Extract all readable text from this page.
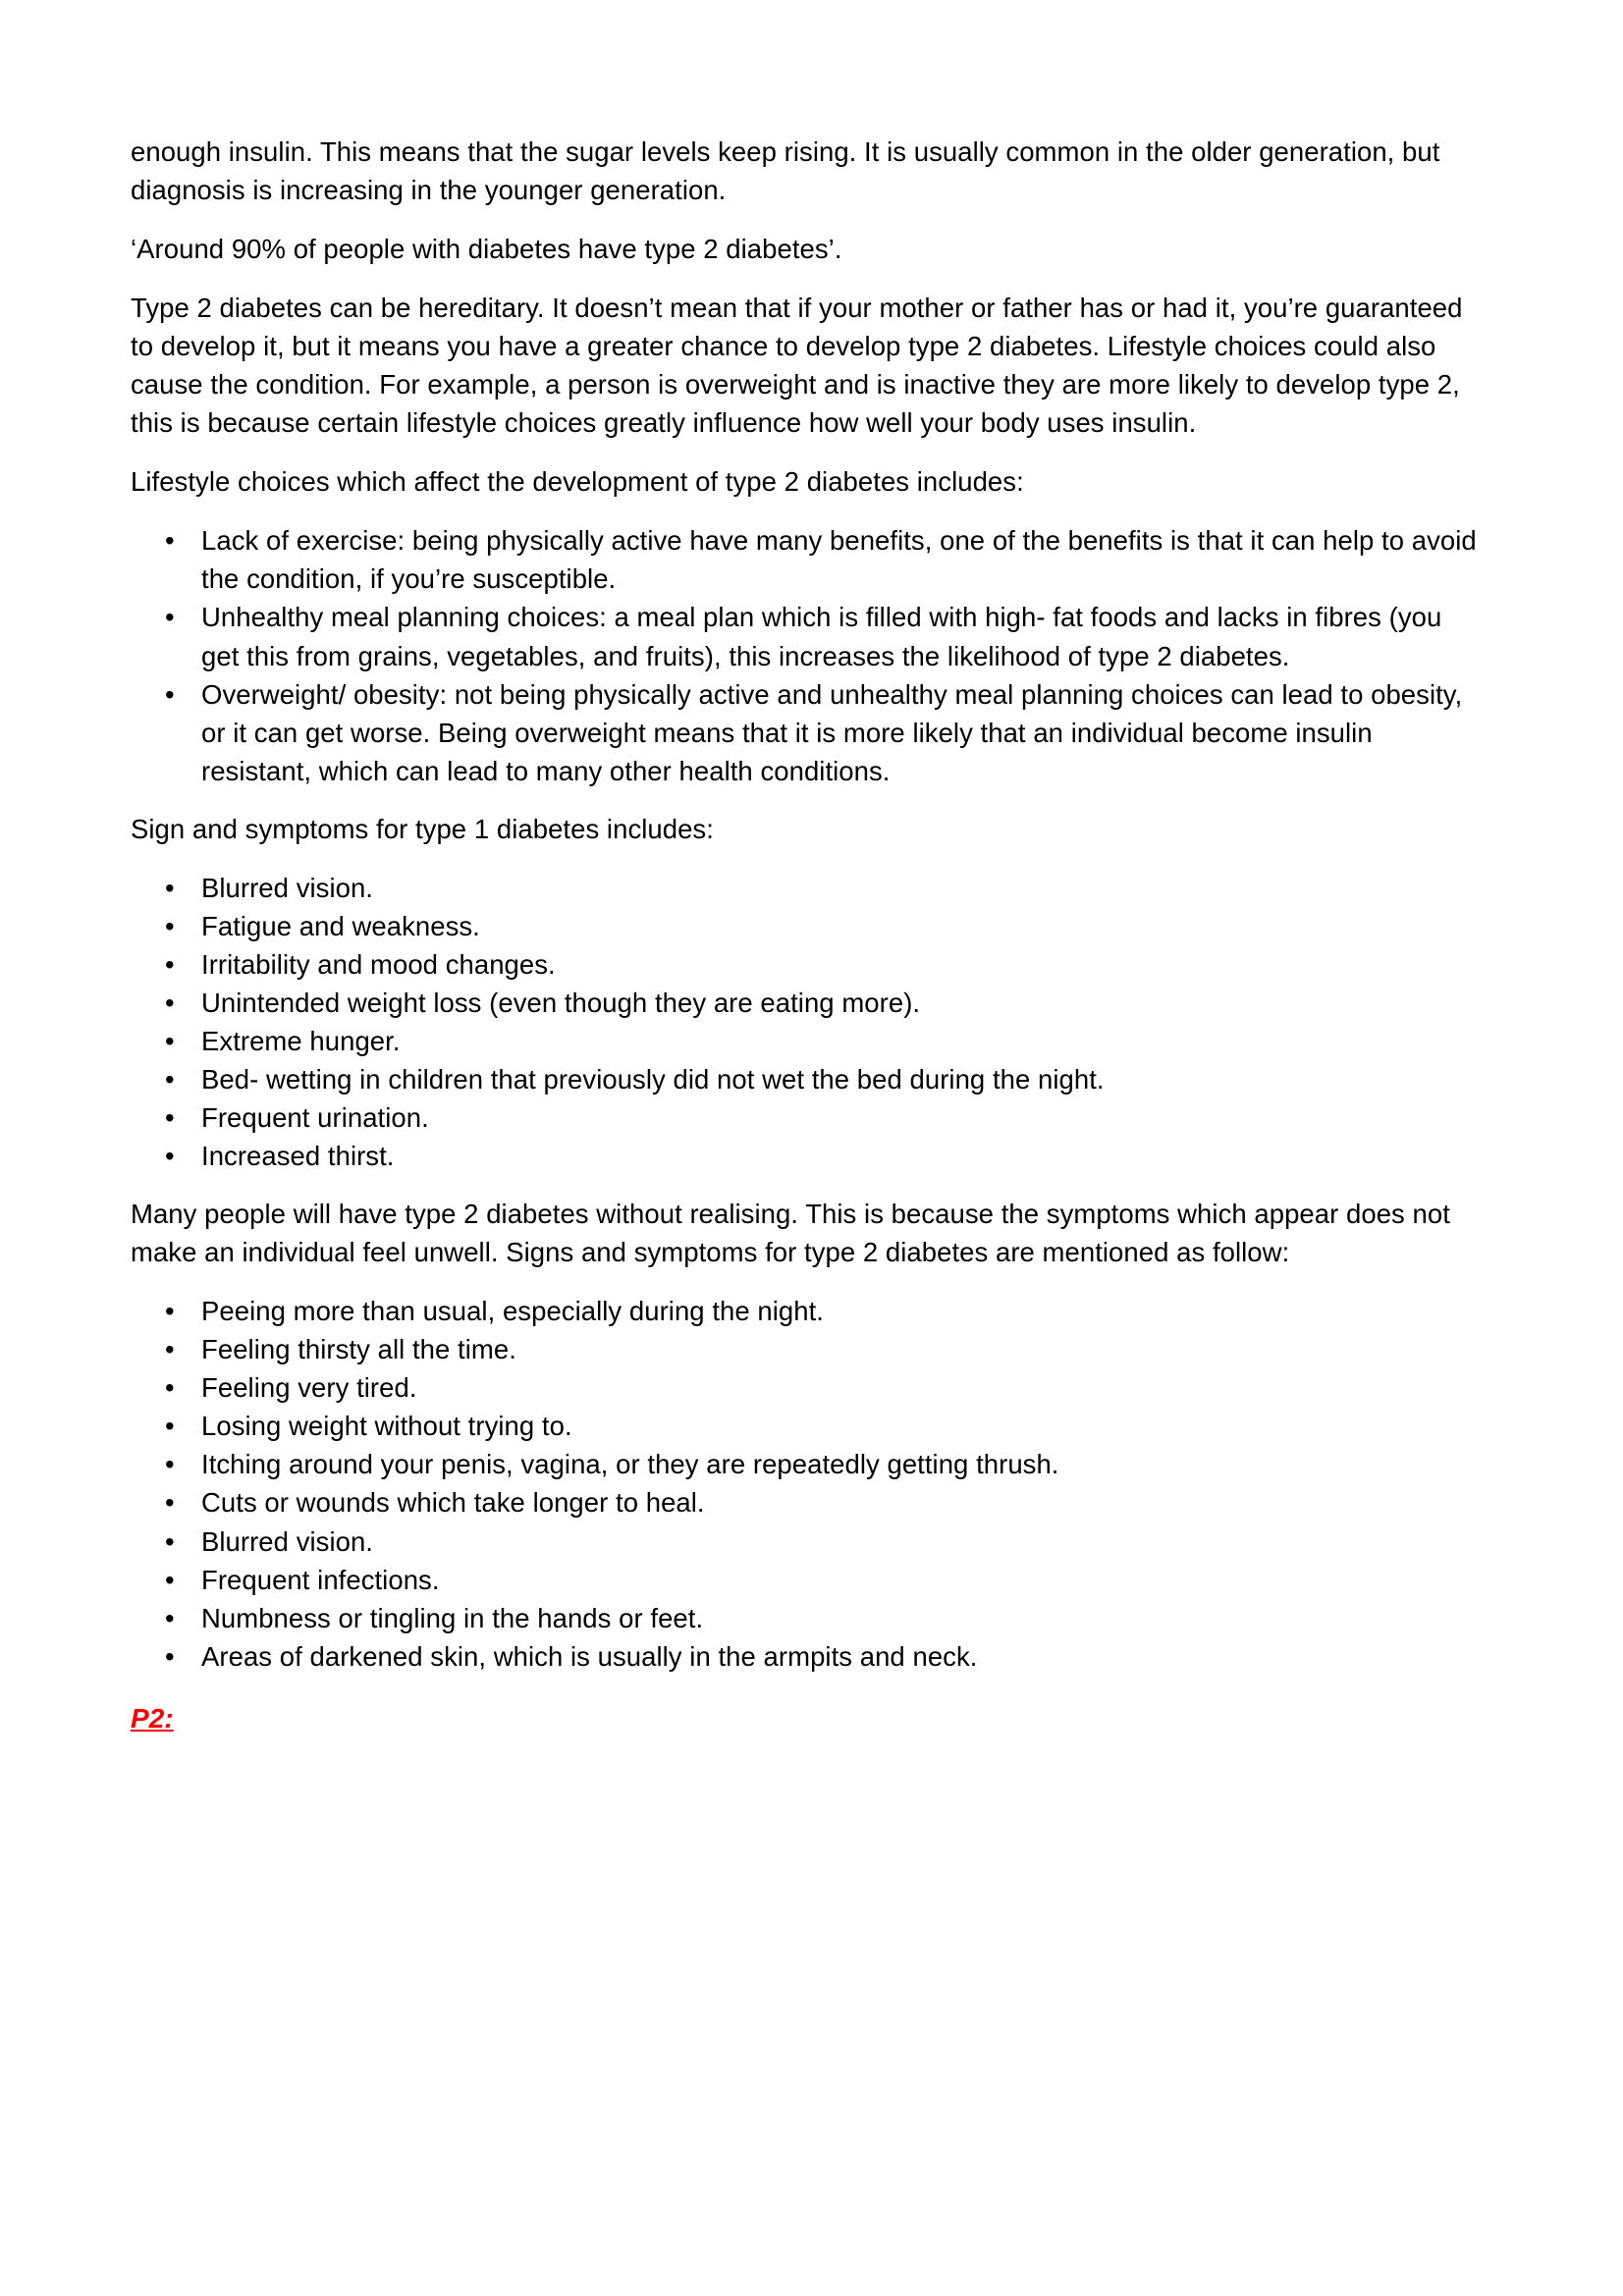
enough insulin. This means that the sugar levels keep rising. It is usually common in the older generation, but diagnosis is increasing in the younger generation.

‘Around 90% of people with diabetes have type 2 diabetes’.

Type 2 diabetes can be hereditary. It doesn’t mean that if your mother or father has or had it, you’re guaranteed to develop it, but it means you have a greater chance to develop type 2 diabetes. Lifestyle choices could also cause the condition. For example, a person is overweight and is inactive they are more likely to develop type 2, this is because certain lifestyle choices greatly influence how well your body uses insulin.

Lifestyle choices which affect the development of type 2 diabetes includes:

• Lack of exercise: being physically active have many benefits, one of the benefits is that it can help to avoid the condition, if you’re susceptible.
• Unhealthy meal planning choices: a meal plan which is filled with high- fat foods and lacks in fibres (you get this from grains, vegetables, and fruits), this increases the likelihood of type 2 diabetes.
• Overweight/ obesity: not being physically active and unhealthy meal planning choices can lead to obesity, or it can get worse. Being overweight means that it is more likely that an individual become insulin resistant, which can lead to many other health conditions.

Sign and symptoms for type 1 diabetes includes:

• Blurred vision.
• Fatigue and weakness.
• Irritability and mood changes.
• Unintended weight loss (even though they are eating more).
• Extreme hunger.
• Bed- wetting in children that previously did not wet the bed during the night.
• Frequent urination.
• Increased thirst.

Many people will have type 2 diabetes without realising. This is because the symptoms which appear does not make an individual feel unwell. Signs and symptoms for type 2 diabetes are mentioned as follow:

• Peeing more than usual, especially during the night.
• Feeling thirsty all the time.
• Feeling very tired.
• Losing weight without trying to.
• Itching around your penis, vagina, or they are repeatedly getting thrush.
• Cuts or wounds which take longer to heal.
• Blurred vision.
• Frequent infections.
• Numbness or tingling in the hands or feet.
• Areas of darkened skin, which is usually in the armpits and neck.

P2:
